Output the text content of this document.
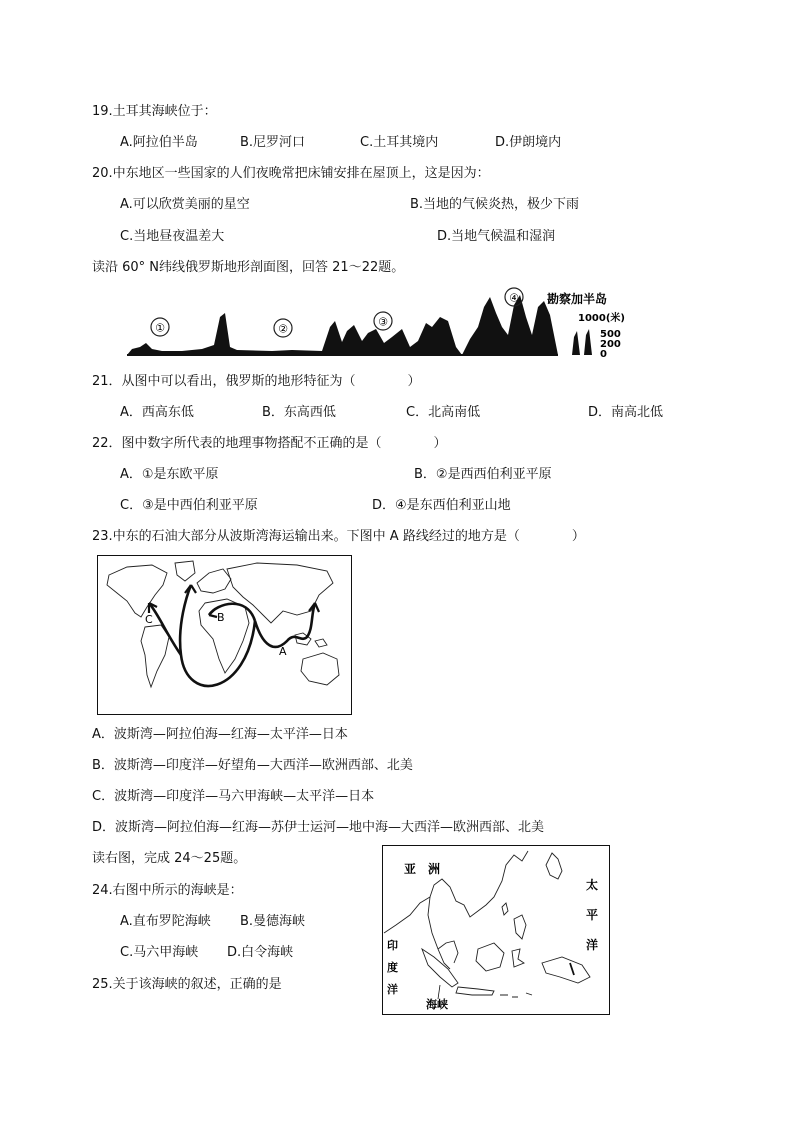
19.土耳其海峡位于：
A.阿拉伯半岛	B.尼罗河口	C.土耳其境内	D.伊朗境内
20.中东地区一些国家的人们夜晚常把床铺安排在屋顶上，这是因为：
A.可以欣赏美丽的星空	B.当地的气候炎热，极少下雨
C.当地昼夜温差大	D.当地气候温和湿润
读沿 60° N纬线俄罗斯地形剖面图，回答 21～22题。
①	②
③
④ 勘察加半岛
1000(米)
500
200
0
21．从图中可以看出，俄罗斯的地形特征为（　　　　）
A．西高东低	B．东高西低	C．北高南低	D．南高北低
22．图中数字所代表的地理事物搭配不正确的是（　　　　）
A．①是东欧平原	B．②是西西伯利亚平原
C．③是中西伯利亚平原	D．④是东西伯利亚山地
23.中东的石油大部分从波斯湾海运输出来。下图中 A 路线经过的地方是（　　　　）
C	B
A
A．波斯湾—阿拉伯海—红海—太平洋—日本
B．波斯湾—印度洋—好望角—大西洋—欧洲西部、北美
C．波斯湾—印度洋—马六甲海峡—太平洋—日本
D．波斯湾—阿拉伯海—红海—苏伊士运河—地中海—大西洋—欧洲西部、北美
读右图，完成 24～25题。
24.右图中所示的海峡是：
A.直布罗陀海峡 B.曼德海峡
C.马六甲海峡 D.白令海峡
25.关于该海峡的叙述，正确的是
亚　洲
太
平
洋
印
度
洋
海峡
